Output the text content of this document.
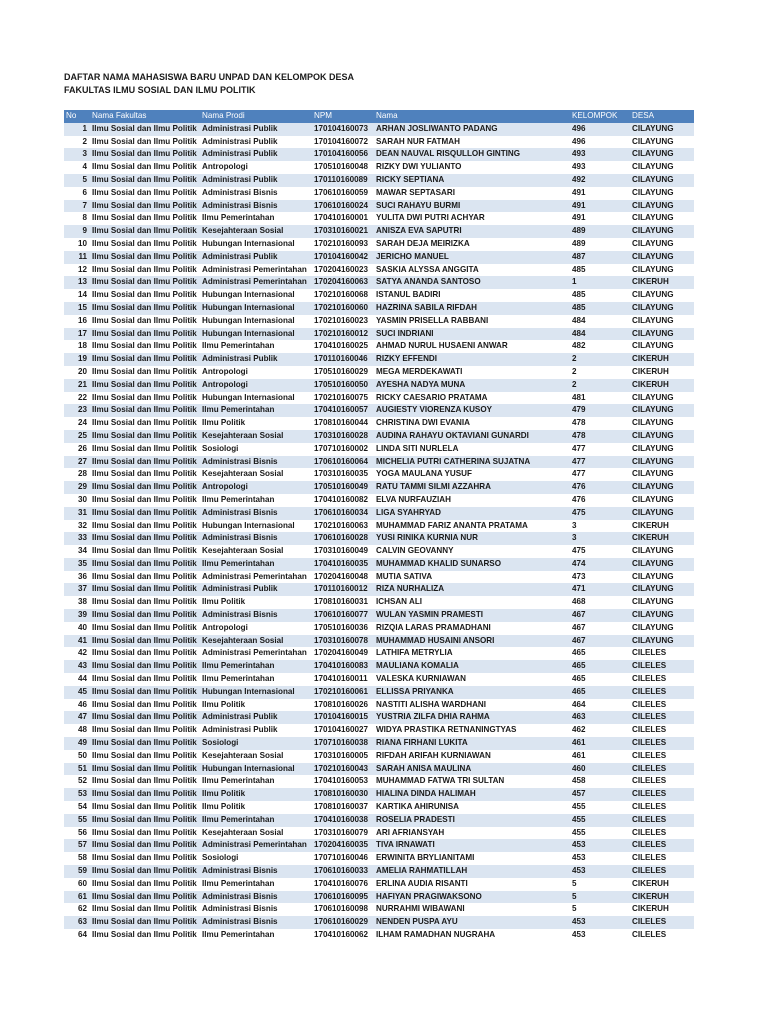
DAFTAR NAMA MAHASISWA BARU UNPAD DAN KELOMPOK DESA
FAKULTAS ILMU SOSIAL DAN ILMU POLITIK
No	Nama Fakultas	Nama Prodi	NPM	Nama	KELOMPOK	DESA
1	Ilmu Sosial dan Ilmu Politik	Administrasi Publik	170104160073	ARHAN JOSLIWANTO PADANG	496	CILAYUNG
2	Ilmu Sosial dan Ilmu Politik	Administrasi Publik	170104160072	SARAH NUR FATMAH	496	CILAYUNG
3	Ilmu Sosial dan Ilmu Politik	Administrasi Publik	170104160056	DEAN NAUVAL RISQULLOH GINTING	493	CILAYUNG
4	Ilmu Sosial dan Ilmu Politik	Antropologi	170510160048	RIZKY DWI YULIANTO	493	CILAYUNG
5	Ilmu Sosial dan Ilmu Politik	Administrasi Publik	170110160089	RICKY SEPTIANA	492	CILAYUNG
6	Ilmu Sosial dan Ilmu Politik	Administrasi Bisnis	170610160059	MAWAR SEPTASARI	491	CILAYUNG
7	Ilmu Sosial dan Ilmu Politik	Administrasi Bisnis	170610160024	SUCI RAHAYU BURMI	491	CILAYUNG
8	Ilmu Sosial dan Ilmu Politik	Ilmu Pemerintahan	170410160001	YULITA DWI PUTRI ACHYAR	491	CILAYUNG
9	Ilmu Sosial dan Ilmu Politik	Kesejahteraan Sosial	170310160021	ANISZA EVA SAPUTRI	489	CILAYUNG
10	Ilmu Sosial dan Ilmu Politik	Hubungan Internasional	170210160093	SARAH DEJA MEIRIZKA	489	CILAYUNG
11	Ilmu Sosial dan Ilmu Politik	Administrasi Publik	170104160042	JERICHO MANUEL	487	CILAYUNG
12	Ilmu Sosial dan Ilmu Politik	Administrasi Pemerintahan	170204160023	SASKIA ALYSSA ANGGITA	485	CILAYUNG
13	Ilmu Sosial dan Ilmu Politik	Administrasi Pemerintahan	170204160063	SATYA ANANDA SANTOSO	1	CIKERUH
14	Ilmu Sosial dan Ilmu Politik	Hubungan Internasional	170210160068	ISTANUL BADIRI	485	CILAYUNG
15	Ilmu Sosial dan Ilmu Politik	Hubungan Internasional	170210160060	HAZRINA SABILA RIFDAH	485	CILAYUNG
16	Ilmu Sosial dan Ilmu Politik	Hubungan Internasional	170210160023	YASMIN PRISELLA RABBANI	484	CILAYUNG
17	Ilmu Sosial dan Ilmu Politik	Hubungan Internasional	170210160012	SUCI INDRIANI	484	CILAYUNG
18	Ilmu Sosial dan Ilmu Politik	Ilmu Pemerintahan	170410160025	AHMAD NURUL HUSAENI ANWAR	482	CILAYUNG
19	Ilmu Sosial dan Ilmu Politik	Administrasi Publik	170110160046	RIZKY EFFENDI	2	CIKERUH
20	Ilmu Sosial dan Ilmu Politik	Antropologi	170510160029	MEGA MERDEKAWATI	2	CIKERUH
21	Ilmu Sosial dan Ilmu Politik	Antropologi	170510160050	AYESHA NADYA MUNA	2	CIKERUH
22	Ilmu Sosial dan Ilmu Politik	Hubungan Internasional	170210160075	RICKY CAESARIO PRATAMA	481	CILAYUNG
23	Ilmu Sosial dan Ilmu Politik	Ilmu Pemerintahan	170410160057	AUGIESTY VIORENZA KUSOY	479	CILAYUNG
24	Ilmu Sosial dan Ilmu Politik	Ilmu Politik	170810160044	CHRISTINA DWI EVANIA	478	CILAYUNG
25	Ilmu Sosial dan Ilmu Politik	Kesejahteraan Sosial	170310160028	AUDINA RAHAYU OKTAVIANI GUNARDI	478	CILAYUNG
26	Ilmu Sosial dan Ilmu Politik	Sosiologi	170710160002	LINDA SITI NURLELA	477	CILAYUNG
27	Ilmu Sosial dan Ilmu Politik	Administrasi Bisnis	170610160064	MICHELIA PUTRI CATHERINA SUJATNA	477	CILAYUNG
28	Ilmu Sosial dan Ilmu Politik	Kesejahteraan Sosial	170310160035	YOGA MAULANA YUSUF	477	CILAYUNG
29	Ilmu Sosial dan Ilmu Politik	Antropologi	170510160049	RATU TAMMI SILMI AZZAHRA	476	CILAYUNG
30	Ilmu Sosial dan Ilmu Politik	Ilmu Pemerintahan	170410160082	ELVA NURFAUZIAH	476	CILAYUNG
31	Ilmu Sosial dan Ilmu Politik	Administrasi Bisnis	170610160034	LIGA SYAHRYAD	475	CILAYUNG
32	Ilmu Sosial dan Ilmu Politik	Hubungan Internasional	170210160063	MUHAMMAD FARIZ ANANTA PRATAMA	3	CIKERUH
33	Ilmu Sosial dan Ilmu Politik	Administrasi Bisnis	170610160028	YUSI RINIKA KURNIA NUR	3	CIKERUH
34	Ilmu Sosial dan Ilmu Politik	Kesejahteraan Sosial	170310160049	CALVIN GEOVANNY	475	CILAYUNG
35	Ilmu Sosial dan Ilmu Politik	Ilmu Pemerintahan	170410160035	MUHAMMAD KHALID SUNARSO	474	CILAYUNG
36	Ilmu Sosial dan Ilmu Politik	Administrasi Pemerintahan	170204160048	MUTIA SATIVA	473	CILAYUNG
37	Ilmu Sosial dan Ilmu Politik	Administrasi Publik	170110160012	RIZA NURHALIZA	471	CILAYUNG
38	Ilmu Sosial dan Ilmu Politik	Ilmu Politik	170810160031	ICHSAN ALI	468	CILAYUNG
39	Ilmu Sosial dan Ilmu Politik	Administrasi Bisnis	170610160077	WULAN YASMIN PRAMESTI	467	CILAYUNG
40	Ilmu Sosial dan Ilmu Politik	Antropologi	170510160036	RIZQIA LARAS PRAMADHANI	467	CILAYUNG
41	Ilmu Sosial dan Ilmu Politik	Kesejahteraan Sosial	170310160078	MUHAMMAD HUSAINI ANSORI	467	CILAYUNG
42	Ilmu Sosial dan Ilmu Politik	Administrasi Pemerintahan	170204160049	LATHIFA METRYLIA	465	CILELES
43	Ilmu Sosial dan Ilmu Politik	Ilmu Pemerintahan	170410160083	MAULIANA KOMALIA	465	CILELES
44	Ilmu Sosial dan Ilmu Politik	Ilmu Pemerintahan	170410160011	VALESKA KURNIAWAN	465	CILELES
45	Ilmu Sosial dan Ilmu Politik	Hubungan Internasional	170210160061	ELLISSA PRIYANKA	465	CILELES
46	Ilmu Sosial dan Ilmu Politik	Ilmu Politik	170810160026	NASTITI ALISHA WARDHANI	464	CILELES
47	Ilmu Sosial dan Ilmu Politik	Administrasi Publik	170104160015	YUSTRIA ZILFA DHIA RAHMA	463	CILELES
48	Ilmu Sosial dan Ilmu Politik	Administrasi Publik	170104160027	WIDYA PRASTIKA RETNANINGTYAS	462	CILELES
49	Ilmu Sosial dan Ilmu Politik	Sosiologi	170710160038	RIANA FIRHANI LUKITA	461	CILELES
50	Ilmu Sosial dan Ilmu Politik	Kesejahteraan Sosial	170310160005	RIFDAH ARIFAH KURNIAWAN	461	CILELES
51	Ilmu Sosial dan Ilmu Politik	Hubungan Internasional	170210160043	SARAH ANISA MAULINA	460	CILELES
52	Ilmu Sosial dan Ilmu Politik	Ilmu Pemerintahan	170410160053	MUHAMMAD FATWA TRI SULTAN	458	CILELES
53	Ilmu Sosial dan Ilmu Politik	Ilmu Politik	170810160030	HIALINA DINDA HALIMAH	457	CILELES
54	Ilmu Sosial dan Ilmu Politik	Ilmu Politik	170810160037	KARTIKA AHIRUNISA	455	CILELES
55	Ilmu Sosial dan Ilmu Politik	Ilmu Pemerintahan	170410160038	ROSELIA PRADESTI	455	CILELES
56	Ilmu Sosial dan Ilmu Politik	Kesejahteraan Sosial	170310160079	ARI AFRIANSYAH	455	CILELES
57	Ilmu Sosial dan Ilmu Politik	Administrasi Pemerintahan	170204160035	TIVA IRNAWATI	453	CILELES
58	Ilmu Sosial dan Ilmu Politik	Sosiologi	170710160046	ERWINITA BRYLIANITAMI	453	CILELES
59	Ilmu Sosial dan Ilmu Politik	Administrasi Bisnis	170610160033	AMELIA RAHMATILLAH	453	CILELES
60	Ilmu Sosial dan Ilmu Politik	Ilmu Pemerintahan	170410160076	ERLINA AUDIA RISANTI	5	CIKERUH
61	Ilmu Sosial dan Ilmu Politik	Administrasi Bisnis	170610160095	HAFIYAN PRAGIWAKSONO	5	CIKERUH
62	Ilmu Sosial dan Ilmu Politik	Administrasi Bisnis	170610160098	NURRAHMI WIBAWANI	5	CIKERUH
63	Ilmu Sosial dan Ilmu Politik	Administrasi Bisnis	170610160029	NENDEN PUSPA AYU	453	CILELES
64	Ilmu Sosial dan Ilmu Politik	Ilmu Pemerintahan	170410160062	ILHAM RAMADHAN NUGRAHA	453	CILELES
